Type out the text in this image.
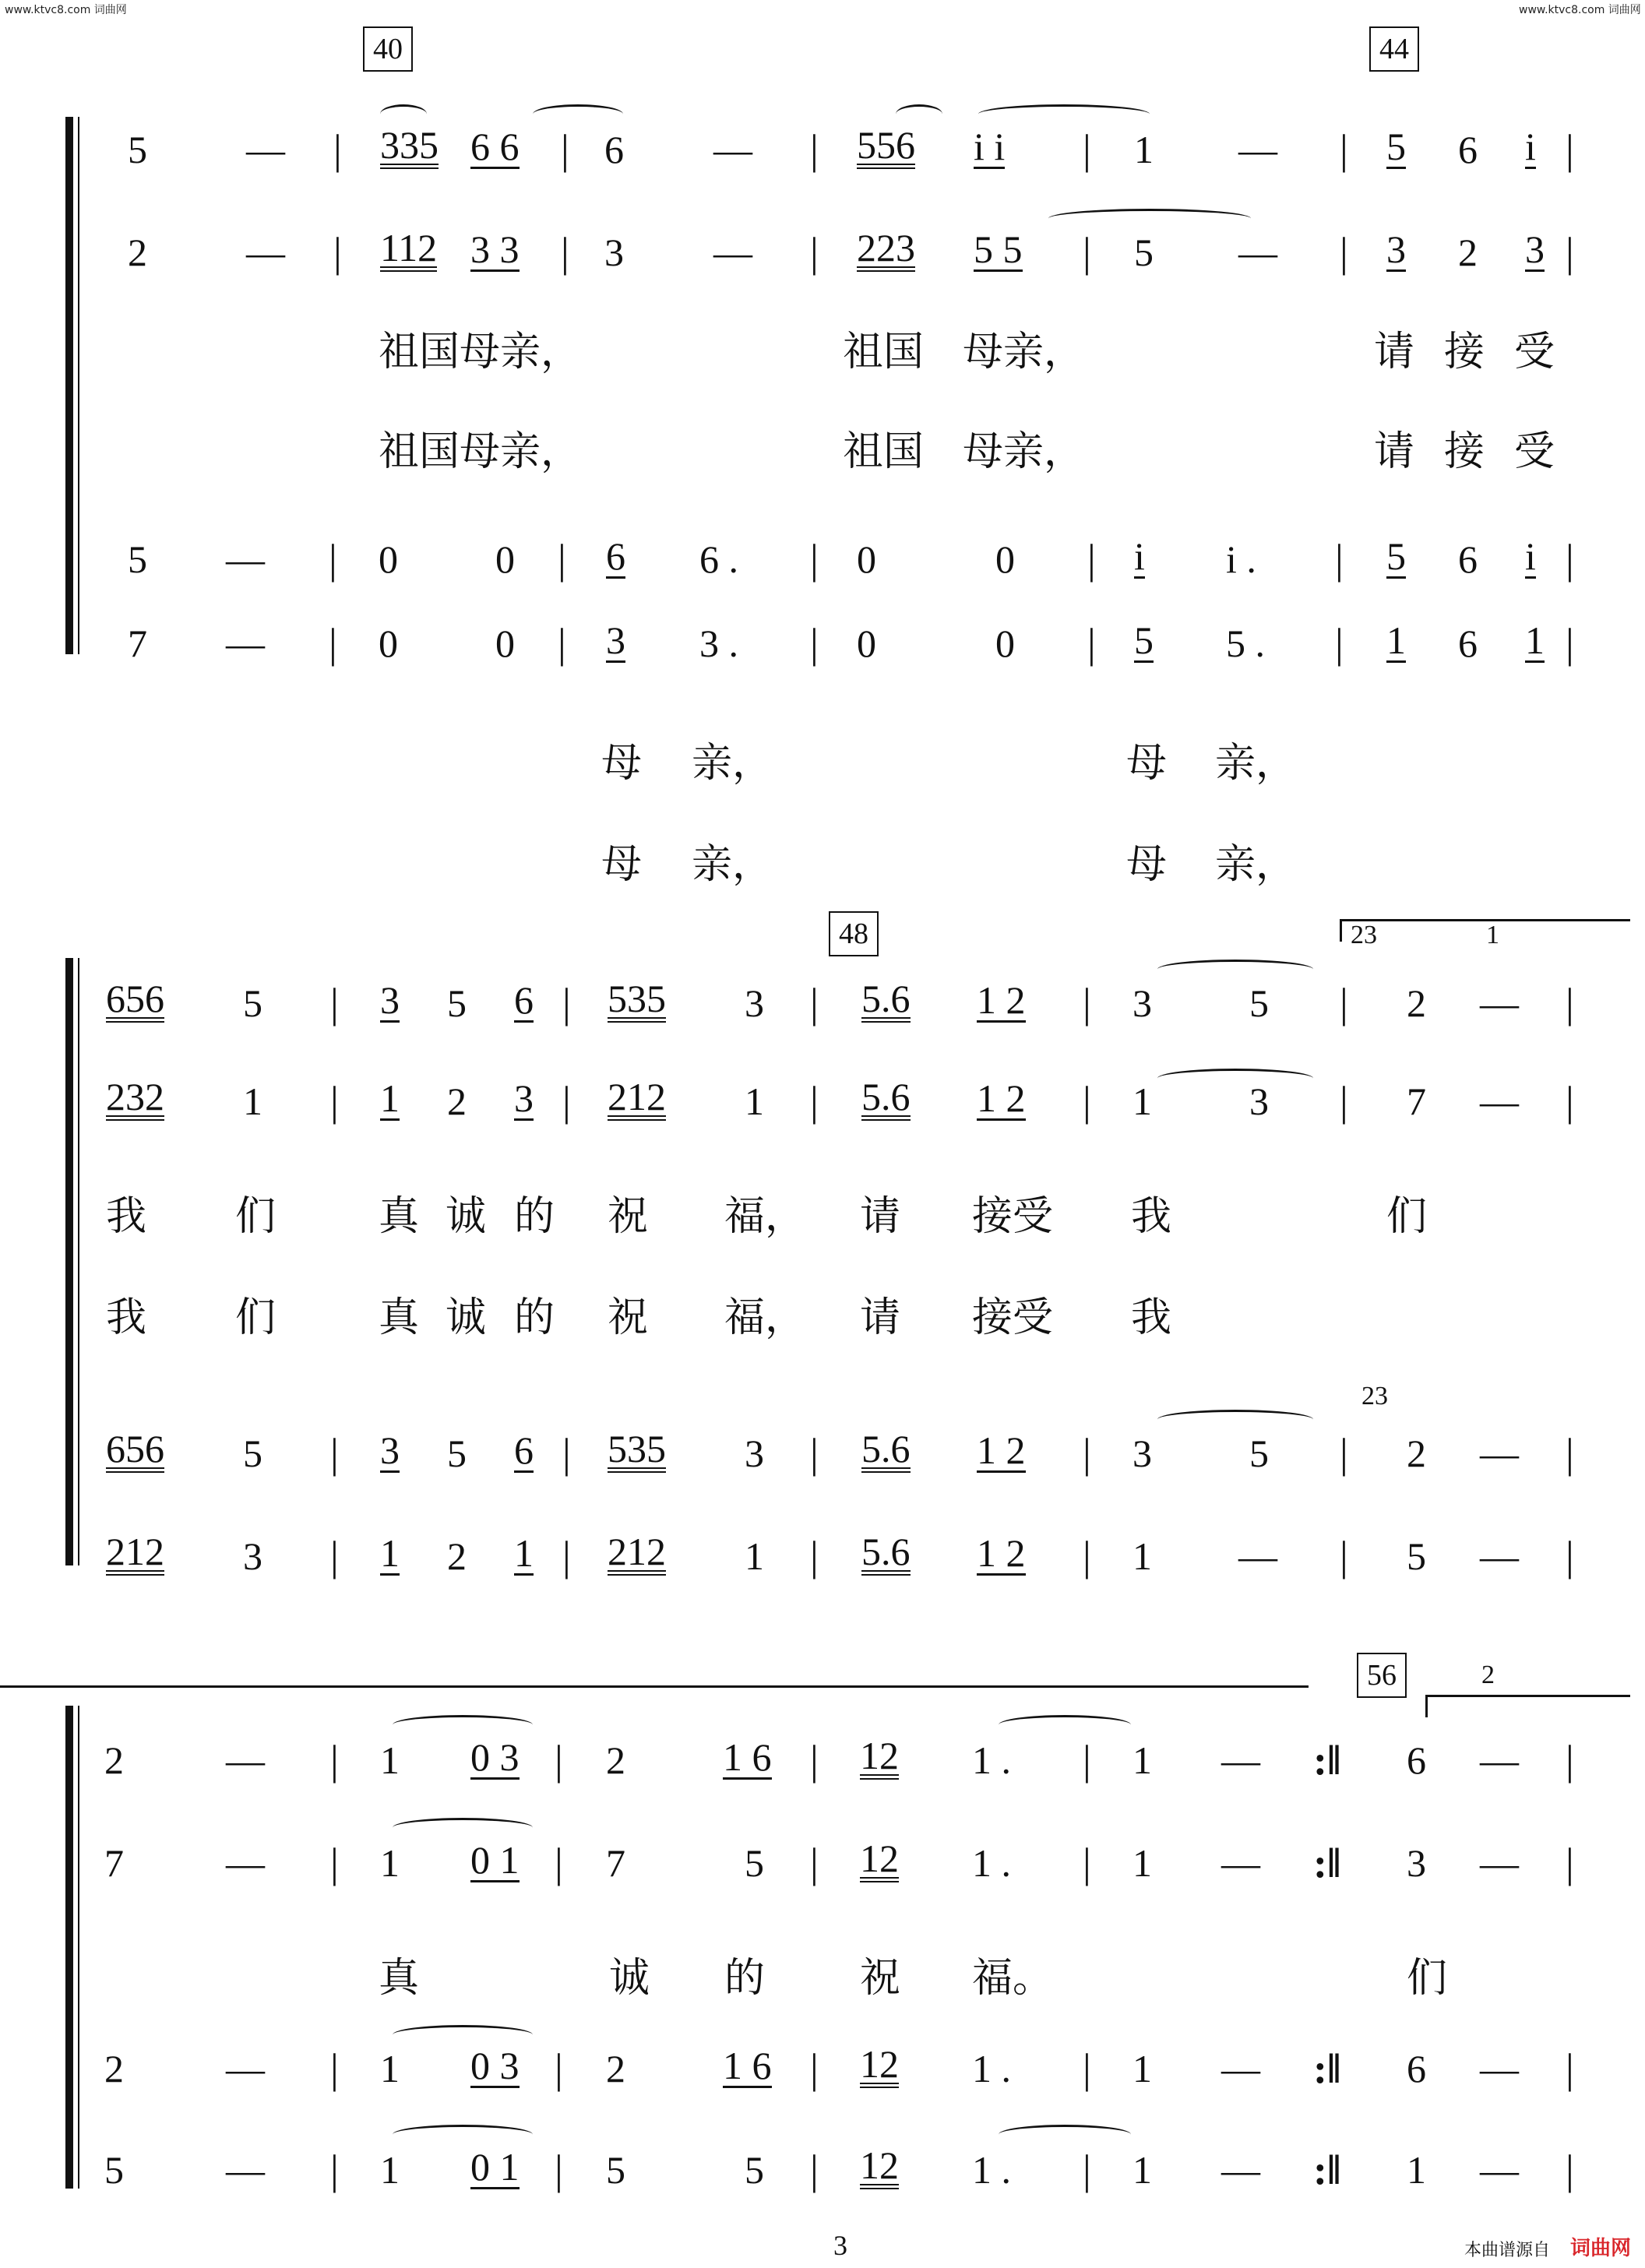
www.ktvc8.com 词曲网	www.ktvc8.com 词曲网
40	44
48
56
23	1
23
2
5	— | 335 6 6 | 6 — | 556 i i | 1 — | 5 6 i |
2	— | 112 3 3 | 3 — | 223 5 5 | 5 — | 3 2 3 |
祖国母亲，	祖国 母亲，	请 接 受
祖国母亲，	祖国 母亲，	请 接 受
5 — | 0	0 | 6 6 . | 0	0 | i i . | 5 6 i |
7 — | 0	0 | 3 3 . | 0	0 | 5 5 . | 1 6 1 |
母 亲，	母 亲，
母 亲，	母 亲，
656 5 | 3 5 6 | 535 3 | 5.6 1 2 | 3	5 | 2 — |
232 1 | 1 2 3 | 212 1 | 5.6 1 2 | 1	3 | 7 — |
我 们	真 诚 的 祝 福， 请 接受 我	们
我 们	真 诚 的 祝 福， 请 接受 我
656 5 | 3 5 6 | 535 3 | 5.6 1 2 | 3	5 | 2 — |
212 3 | 1 2 1 | 212 1 | 5.6 1 2 | 1 — | 5 — |
2	— | 1 0 3 | 2	1 6 | 12 1 . | 1 — :‖ 6 — |
7	— | 1 0 1 | 7	5 | 12 1 . | 1 — :‖ 3 — |
真	诚 的 祝 福。	们
2	— | 1 0 3 | 2	1 6 | 12 1 . | 1 — :‖ 6 — |
5	— | 1 0 1 | 5	5 | 12 1 . | 1 — :‖ 1 — |
3	本曲谱源自 词曲网
